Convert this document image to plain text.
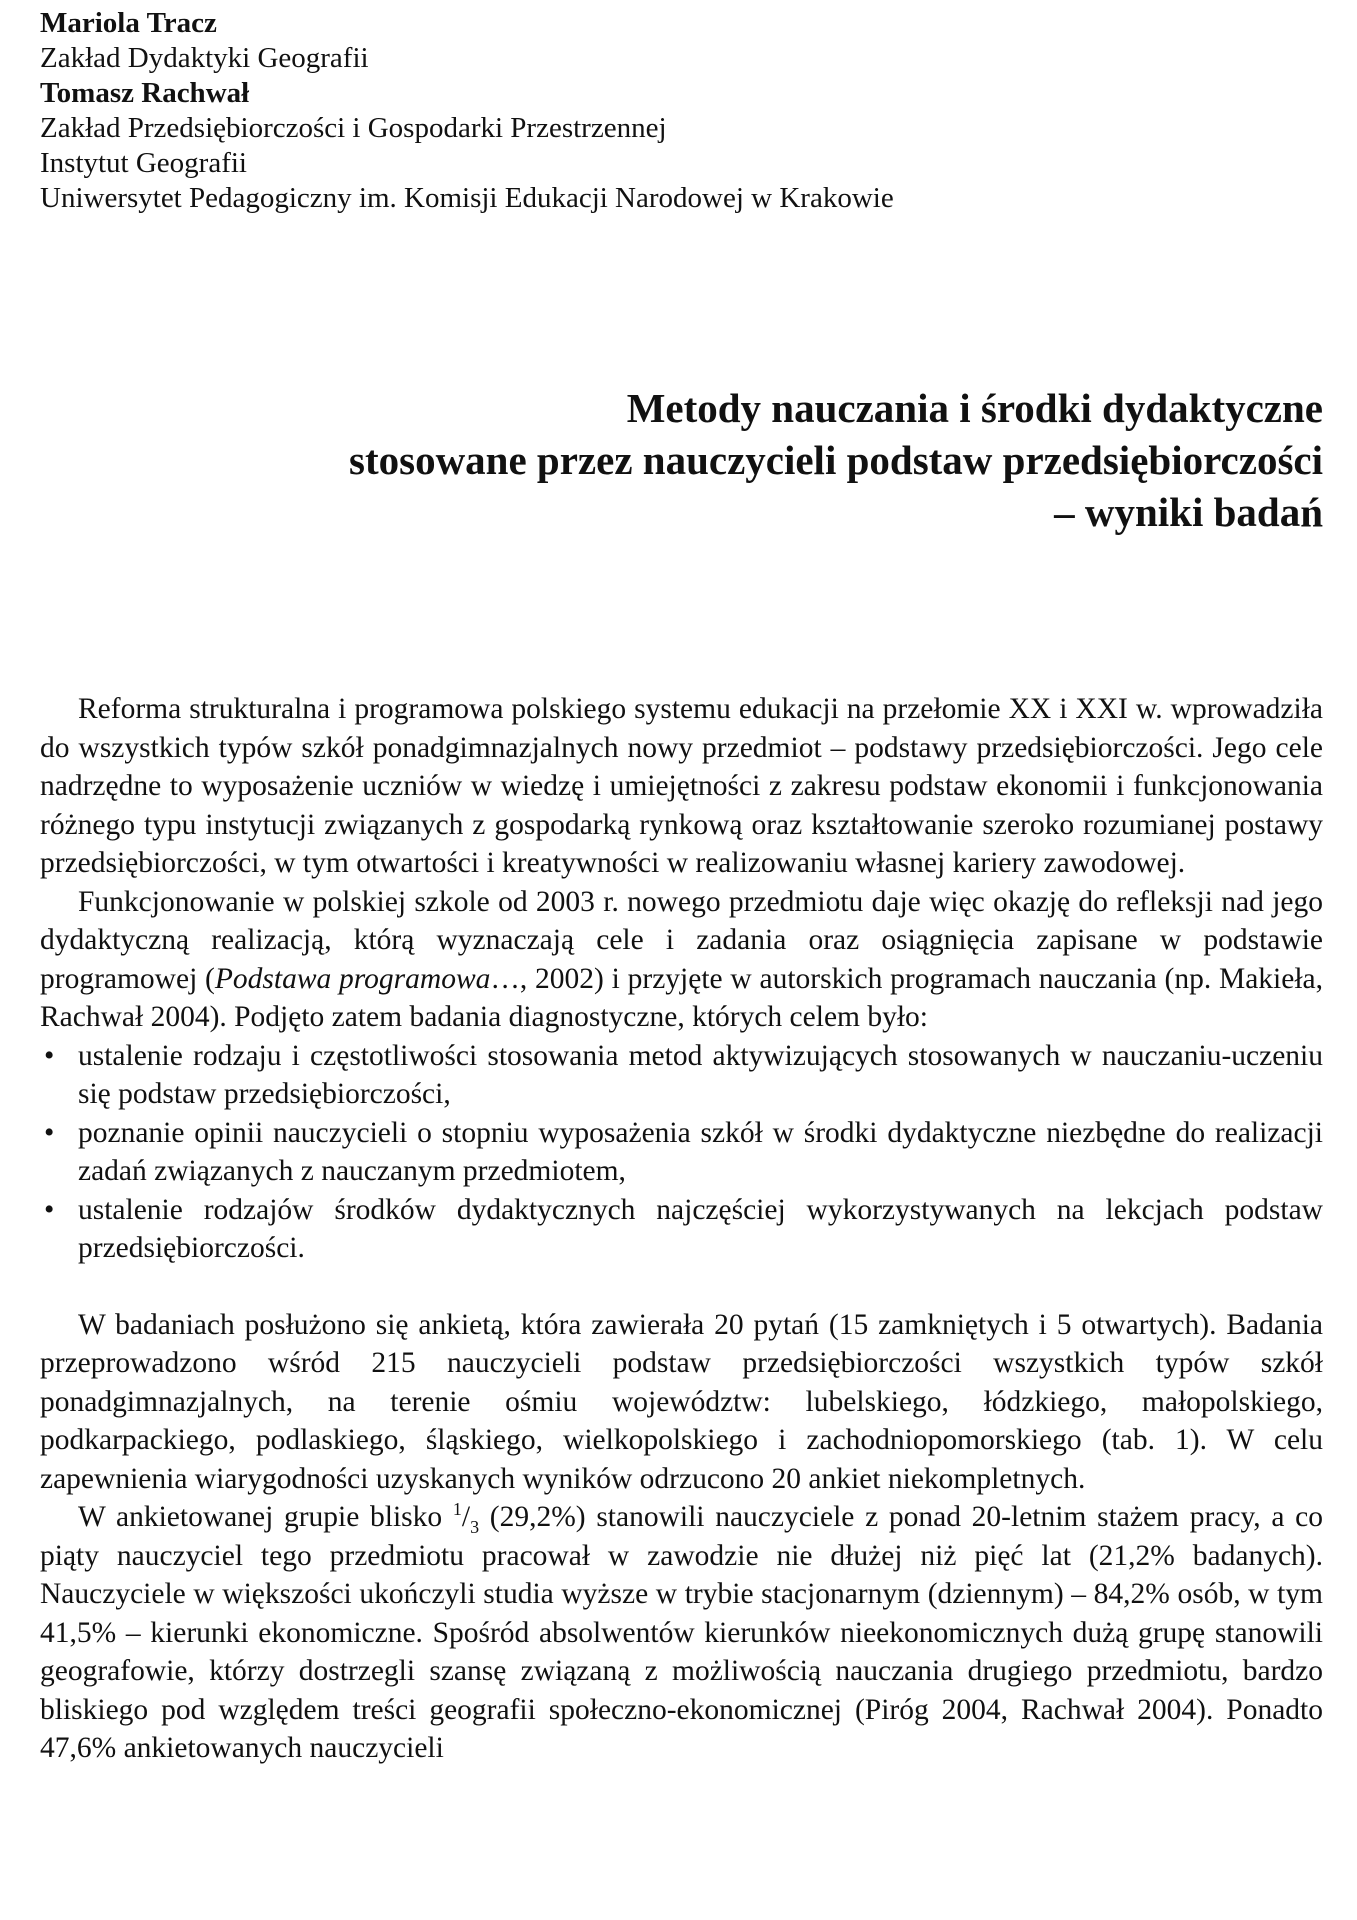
Mariola Tracz
Zakład Dydaktyki Geografii
Tomasz Rachwał
Zakład Przedsiębiorczości i Gospodarki Przestrzennej
Instytut Geografii
Uniwersytet Pedagogiczny im. Komisji Edukacji Narodowej w Krakowie
Metody nauczania i środki dydaktyczne
stosowane przez nauczycieli podstaw przedsiębiorczości
– wyniki badań
Reforma strukturalna i programowa polskiego systemu edukacji na przełomie XX i XXI w. wprowadziła do wszystkich typów szkół ponadgimnazjalnych nowy przedmiot – podstawy przedsiębiorczości. Jego cele nadrzędne to wyposażenie uczniów w wiedzę i umiejętności z zakresu podstaw ekonomii i funkcjonowania różnego typu instytucji związanych z gospodarką rynkową oraz kształtowanie szeroko rozumianej postawy przedsiębiorczości, w tym otwartości i kreatywności w realizowaniu własnej kariery zawodowej.
Funkcjonowanie w polskiej szkole od 2003 r. nowego przedmiotu daje więc okazję do refleksji nad jego dydaktyczną realizacją, którą wyznaczają cele i zadania oraz osiągnięcia zapisane w podstawie programowej (Podstawa programowa…, 2002) i przyjęte w autorskich programach nauczania (np. Makieła, Rachwał 2004). Podjęto zatem badania diagnostyczne, których celem było:
• ustalenie rodzaju i częstotliwości stosowania metod aktywizujących stosowanych w nauczaniu-uczeniu się podstaw przedsiębiorczości,
• poznanie opinii nauczycieli o stopniu wyposażenia szkół w środki dydaktyczne niezbędne do realizacji zadań związanych z nauczanym przedmiotem,
• ustalenie rodzajów środków dydaktycznych najczęściej wykorzystywanych na lekcjach podstaw przedsiębiorczości.
W badaniach posłużono się ankietą, która zawierała 20 pytań (15 zamkniętych i 5 otwartych). Badania przeprowadzono wśród 215 nauczycieli podstaw przedsiębiorczości wszystkich typów szkół ponadgimnazjalnych, na terenie ośmiu województw: lubelskiego, łódzkiego, małopolskiego, podkarpackiego, podlaskiego, śląskiego, wielkopolskiego i zachodniopomorskiego (tab. 1). W celu zapewnienia wiarygodności uzyskanych wyników odrzucono 20 ankiet niekompletnych.
W ankietowanej grupie blisko $^1/_3$ (29,2%) stanowili nauczyciele z ponad 20-letnim stażem pracy, a co piąty nauczyciel tego przedmiotu pracował w zawodzie nie dłużej niż pięć lat (21,2% badanych). Nauczyciele w większości ukończyli studia wyższe w trybie stacjonarnym (dziennym) – 84,2% osób, w tym 41,5% – kierunki ekonomiczne. Spośród absolwentów kierunków nieekonomicznych dużą grupę stanowili geografowie, którzy dostrzegli szansę związaną z możliwością nauczania drugiego przedmiotu, bardzo bliskiego pod względem treści geografii społeczno-ekonomicznej (Piróg 2004, Rachwał 2004). Ponadto 47,6% ankietowanych nauczycieli
